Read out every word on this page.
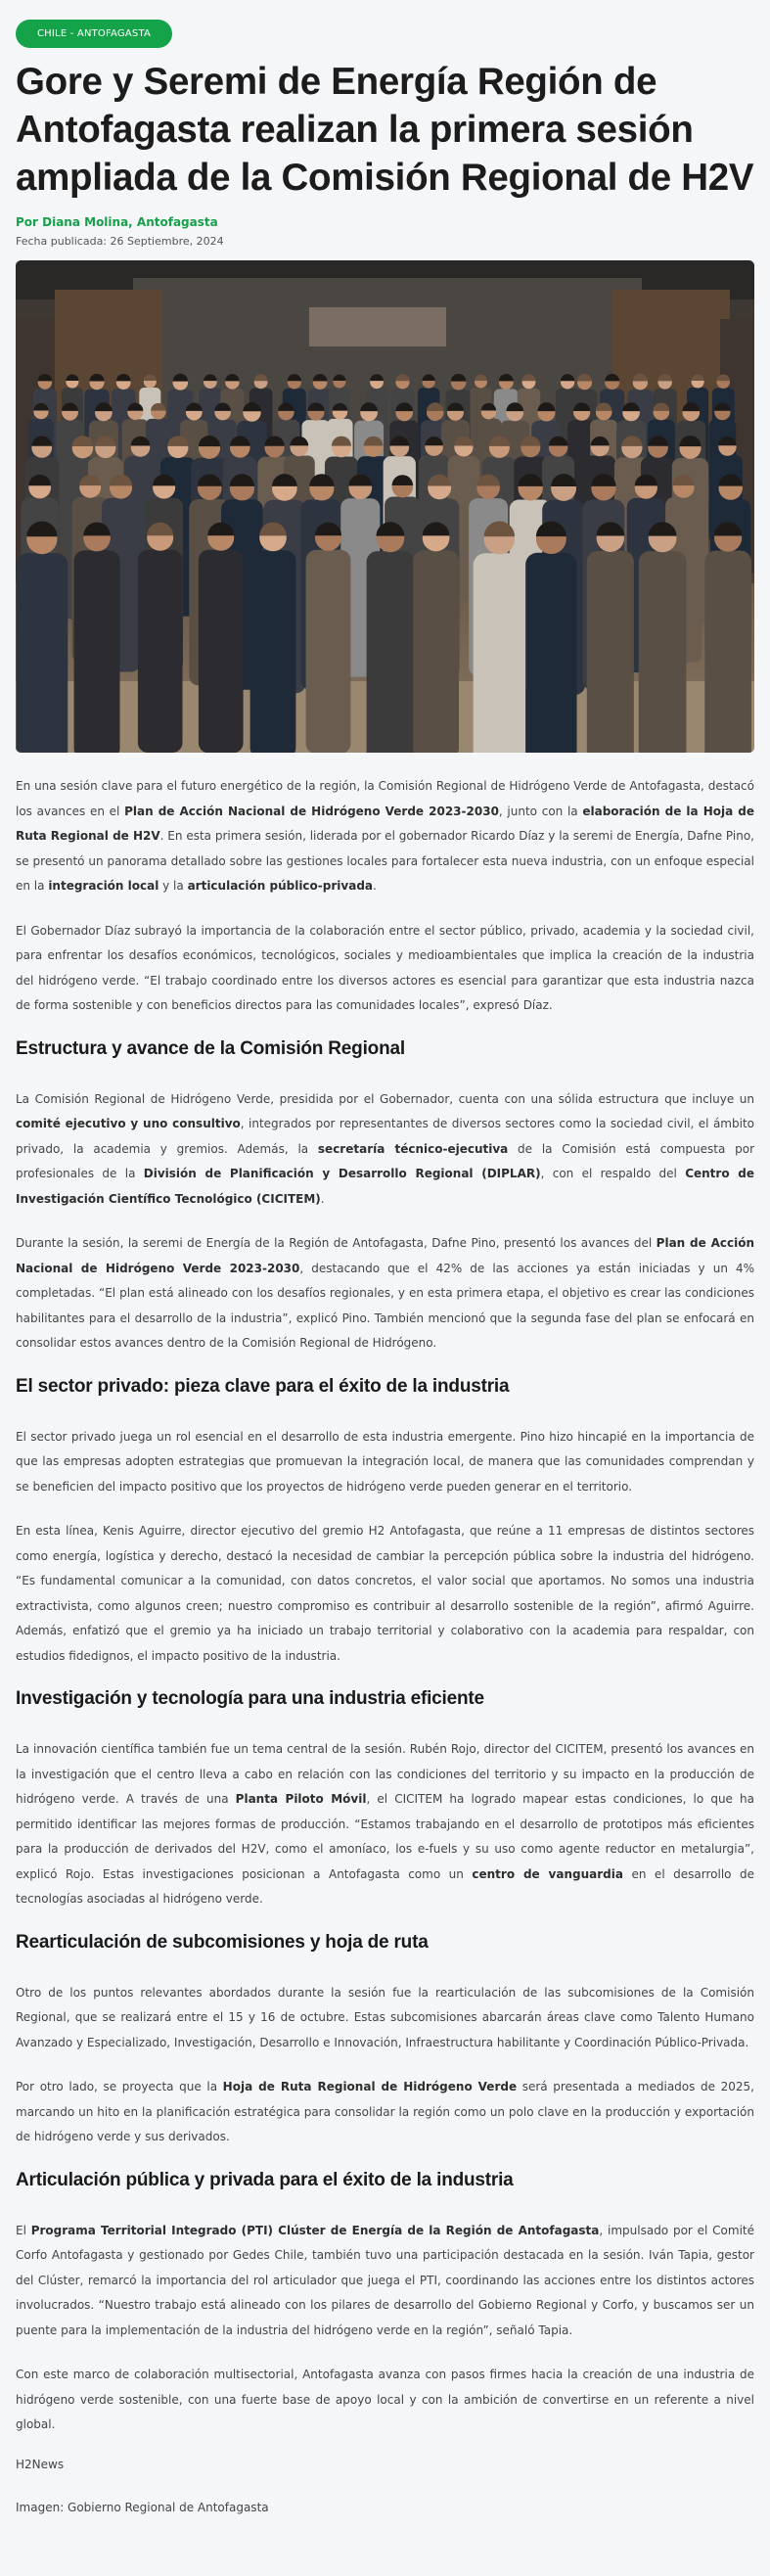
CHILE - ANTOFAGASTA
Gore y Seremi de Energía Región de Antofagasta realizan la primera sesión ampliada de la Comisión Regional de H2V
Por Diana Molina, Antofagasta
Fecha publicada: 26 Septiembre, 2024

En una sesión clave para el futuro energético de la región, la Comisión Regional de Hidrógeno Verde de Antofagasta, destacó los avances en el Plan de Acción Nacional de Hidrógeno Verde 2023-2030, junto con la elaboración de la Hoja de Ruta Regional de H2V. En esta primera sesión, liderada por el gobernador Ricardo Díaz y la seremi de Energía, Dafne Pino, se presentó un panorama detallado sobre las gestiones locales para fortalecer esta nueva industria, con un enfoque especial en la integración local y la articulación público-privada.

El Gobernador Díaz subrayó la importancia de la colaboración entre el sector público, privado, academia y la sociedad civil, para enfrentar los desafíos económicos, tecnológicos, sociales y medioambientales que implica la creación de la industria del hidrógeno verde. “El trabajo coordinado entre los diversos actores es esencial para garantizar que esta industria nazca de forma sostenible y con beneficios directos para las comunidades locales”, expresó Díaz.

Estructura y avance de la Comisión Regional

La Comisión Regional de Hidrógeno Verde, presidida por el Gobernador, cuenta con una sólida estructura que incluye un comité ejecutivo y uno consultivo, integrados por representantes de diversos sectores como la sociedad civil, el ámbito privado, la academia y gremios. Además, la secretaría técnico-ejecutiva de la Comisión está compuesta por profesionales de la División de Planificación y Desarrollo Regional (DIPLAR), con el respaldo del Centro de Investigación Científico Tecnológico (CICITEM).

Durante la sesión, la seremi de Energía de la Región de Antofagasta, Dafne Pino, presentó los avances del Plan de Acción Nacional de Hidrógeno Verde 2023-2030, destacando que el 42% de las acciones ya están iniciadas y un 4% completadas. “El plan está alineado con los desafíos regionales, y en esta primera etapa, el objetivo es crear las condiciones habilitantes para el desarrollo de la industria”, explicó Pino. También mencionó que la segunda fase del plan se enfocará en consolidar estos avances dentro de la Comisión Regional de Hidrógeno.

El sector privado: pieza clave para el éxito de la industria

El sector privado juega un rol esencial en el desarrollo de esta industria emergente. Pino hizo hincapié en la importancia de que las empresas adopten estrategias que promuevan la integración local, de manera que las comunidades comprendan y se beneficien del impacto positivo que los proyectos de hidrógeno verde pueden generar en el territorio.

En esta línea, Kenis Aguirre, director ejecutivo del gremio H2 Antofagasta, que reúne a 11 empresas de distintos sectores como energía, logística y derecho, destacó la necesidad de cambiar la percepción pública sobre la industria del hidrógeno. “Es fundamental comunicar a la comunidad, con datos concretos, el valor social que aportamos. No somos una industria extractivista, como algunos creen; nuestro compromiso es contribuir al desarrollo sostenible de la región”, afirmó Aguirre. Además, enfatizó que el gremio ya ha iniciado un trabajo territorial y colaborativo con la academia para respaldar, con estudios fidedignos, el impacto positivo de la industria.

Investigación y tecnología para una industria eficiente

La innovación científica también fue un tema central de la sesión. Rubén Rojo, director del CICITEM, presentó los avances en la investigación que el centro lleva a cabo en relación con las condiciones del territorio y su impacto en la producción de hidrógeno verde. A través de una Planta Piloto Móvil, el CICITEM ha logrado mapear estas condiciones, lo que ha permitido identificar las mejores formas de producción. “Estamos trabajando en el desarrollo de prototipos más eficientes para la producción de derivados del H2V, como el amoníaco, los e-fuels y su uso como agente reductor en metalurgia”, explicó Rojo. Estas investigaciones posicionan a Antofagasta como un centro de vanguardia en el desarrollo de tecnologías asociadas al hidrógeno verde.

Rearticulación de subcomisiones y hoja de ruta

Otro de los puntos relevantes abordados durante la sesión fue la rearticulación de las subcomisiones de la Comisión Regional, que se realizará entre el 15 y 16 de octubre. Estas subcomisiones abarcarán áreas clave como Talento Humano Avanzado y Especializado, Investigación, Desarrollo e Innovación, Infraestructura habilitante y Coordinación Público-Privada.

Por otro lado, se proyecta que la Hoja de Ruta Regional de Hidrógeno Verde será presentada a mediados de 2025, marcando un hito en la planificación estratégica para consolidar la región como un polo clave en la producción y exportación de hidrógeno verde y sus derivados.

Articulación pública y privada para el éxito de la industria

El Programa Territorial Integrado (PTI) Clúster de Energía de la Región de Antofagasta, impulsado por el Comité Corfo Antofagasta y gestionado por Gedes Chile, también tuvo una participación destacada en la sesión. Iván Tapia, gestor del Clúster, remarcó la importancia del rol articulador que juega el PTI, coordinando las acciones entre los distintos actores involucrados. “Nuestro trabajo está alineado con los pilares de desarrollo del Gobierno Regional y Corfo, y buscamos ser un puente para la implementación de la industria del hidrógeno verde en la región”, señaló Tapia.

Con este marco de colaboración multisectorial, Antofagasta avanza con pasos firmes hacia la creación de una industria de hidrógeno verde sostenible, con una fuerte base de apoyo local y con la ambición de convertirse en un referente a nivel global.

H2News
Imagen: Gobierno Regional de Antofagasta
